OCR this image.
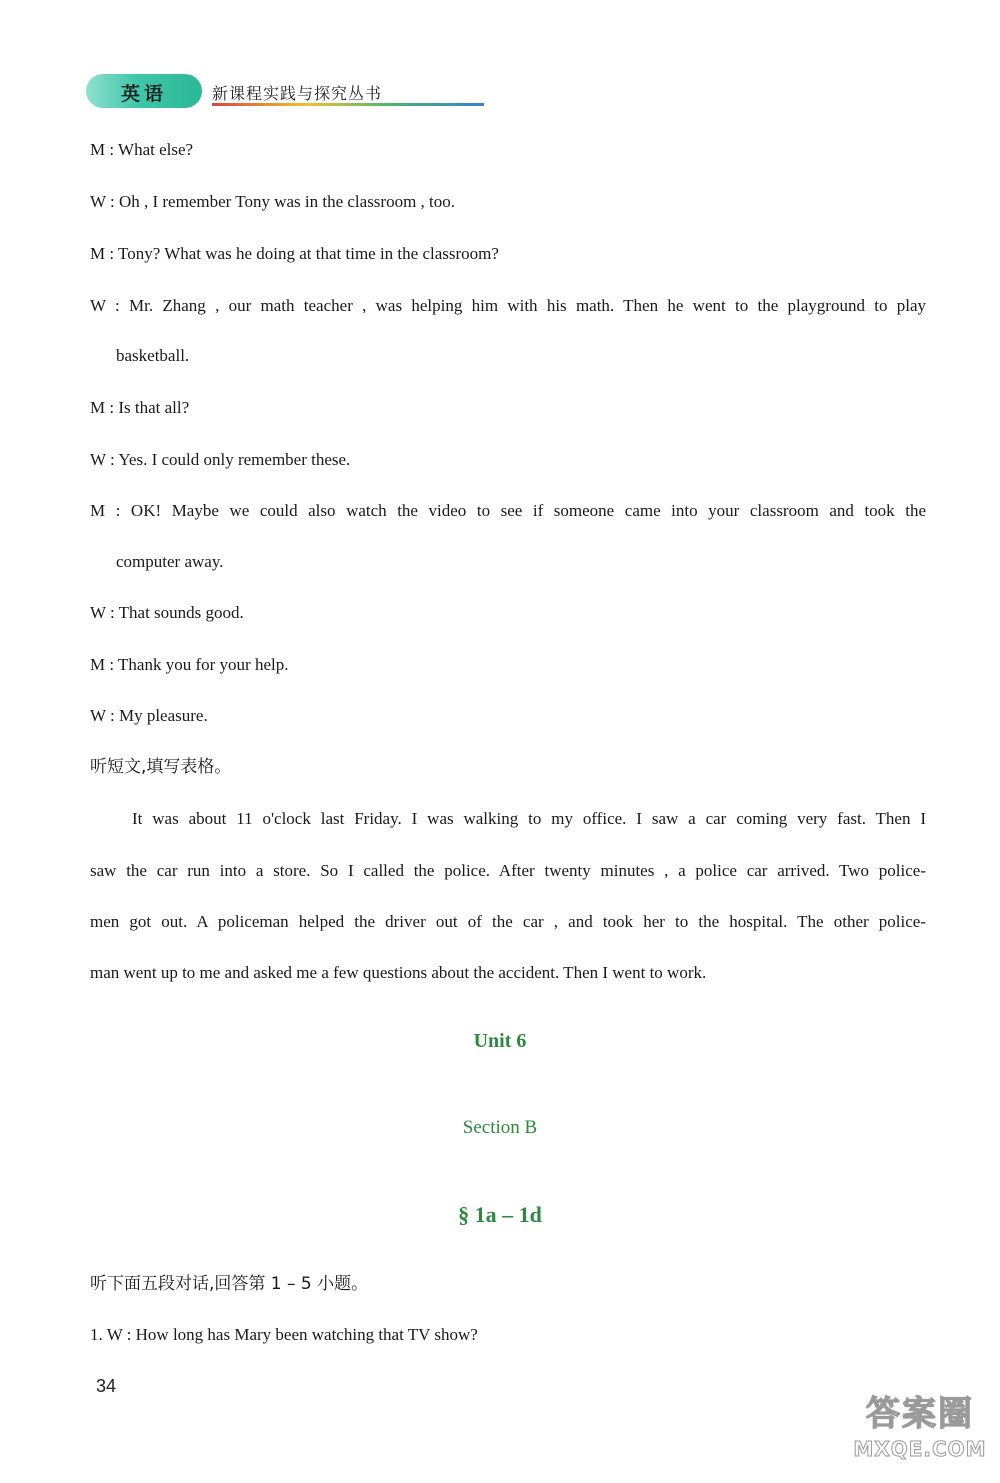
英语	新课程实践与探究丛书
M : What else?
W : Oh , I remember Tony was in the classroom , too.
M : Tony? What was he doing at that time in the classroom?
W : Mr. Zhang , our math teacher , was helping him with his math. Then he went to the playground to play
basketball.
M : Is that all?
W : Yes. I could only remember these.
M : OK! Maybe we could also watch the video to see if someone came into your classroom and took the
computer away.
W : That sounds good.
M : Thank you for your help.
W : My pleasure.
听短文,填写表格。
It was about 11 o'clock last Friday. I was walking to my office. I saw a car coming very fast. Then I
saw the car run into a store. So I called the police. After twenty minutes , a police car arrived. Two police-
men got out. A policeman helped the driver out of the car , and took her to the hospital. The other police-
man went up to me and asked me a few questions about the accident. Then I went to work.
Unit 6
Section B
§ 1a – 1d
听下面五段对话,回答第 1 – 5 小题。
1. W : How long has Mary been watching that TV show?
34
答案圈
MXQE.COM
